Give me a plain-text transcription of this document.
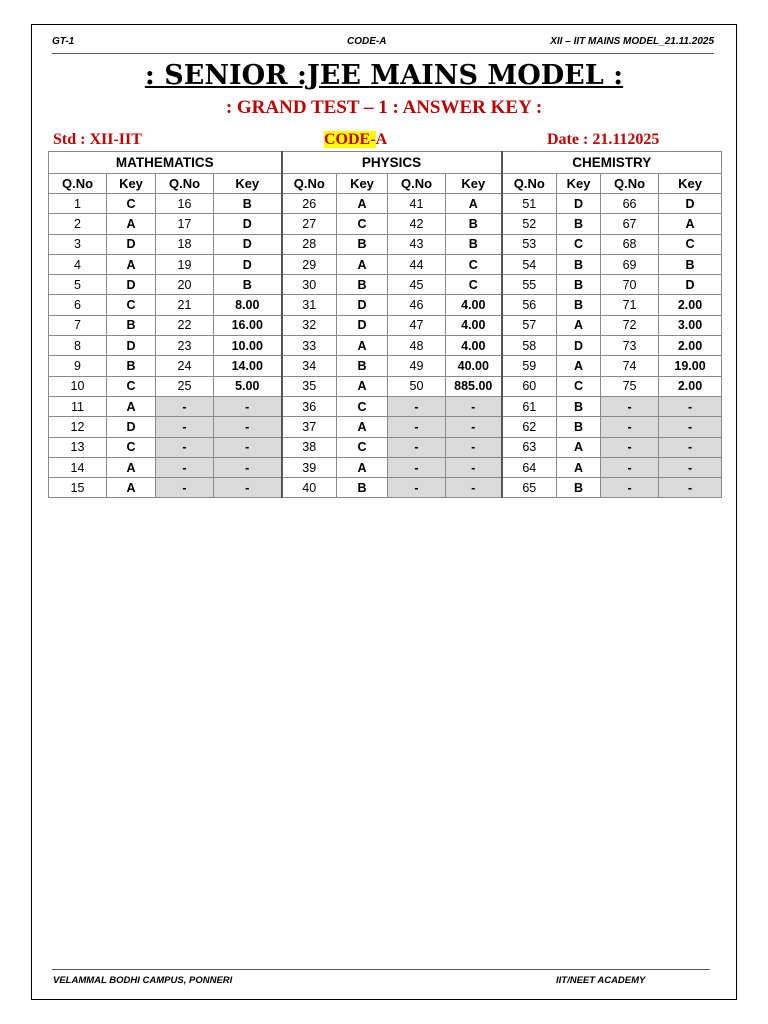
GT-1	CODE-A	XII – IIT MAINS MODEL_21.11.2025
: SENIOR :JEE MAINS MODEL :
: GRAND TEST – 1 : ANSWER KEY :
Std : XII-IIT	CODE-A	Date : 21.112025
MATHEMATICS				PHYSICS				CHEMISTRY			
Q.No	Key	Q.No	Key	Q.No	Key	Q.No	Key	Q.No	Key	Q.No	Key
1	C	16	B	26	A	41	A	51	D	66	D
2	A	17	D	27	C	42	B	52	B	67	A
3	D	18	D	28	B	43	B	53	C	68	C
4	A	19	D	29	A	44	C	54	B	69	B
5	D	20	B	30	B	45	C	55	B	70	D
6	C	21	8.00	31	D	46	4.00	56	B	71	2.00
7	B	22	16.00	32	D	47	4.00	57	A	72	3.00
8	D	23	10.00	33	A	48	4.00	58	D	73	2.00
9	B	24	14.00	34	B	49	40.00	59	A	74	19.00
10	C	25	5.00	35	A	50	885.00	60	C	75	2.00
11	A	-	-	36	C	-	-	61	B	-	-
12	D	-	-	37	A	-	-	62	B	-	-
13	C	-	-	38	C	-	-	63	A	-	-
14	A	-	-	39	A	-	-	64	A	-	-
15	A	-	-	40	B	-	-	65	B	-	-
VELAMMAL BODHI CAMPUS, PONNERI	IIT/NEET ACADEMY
